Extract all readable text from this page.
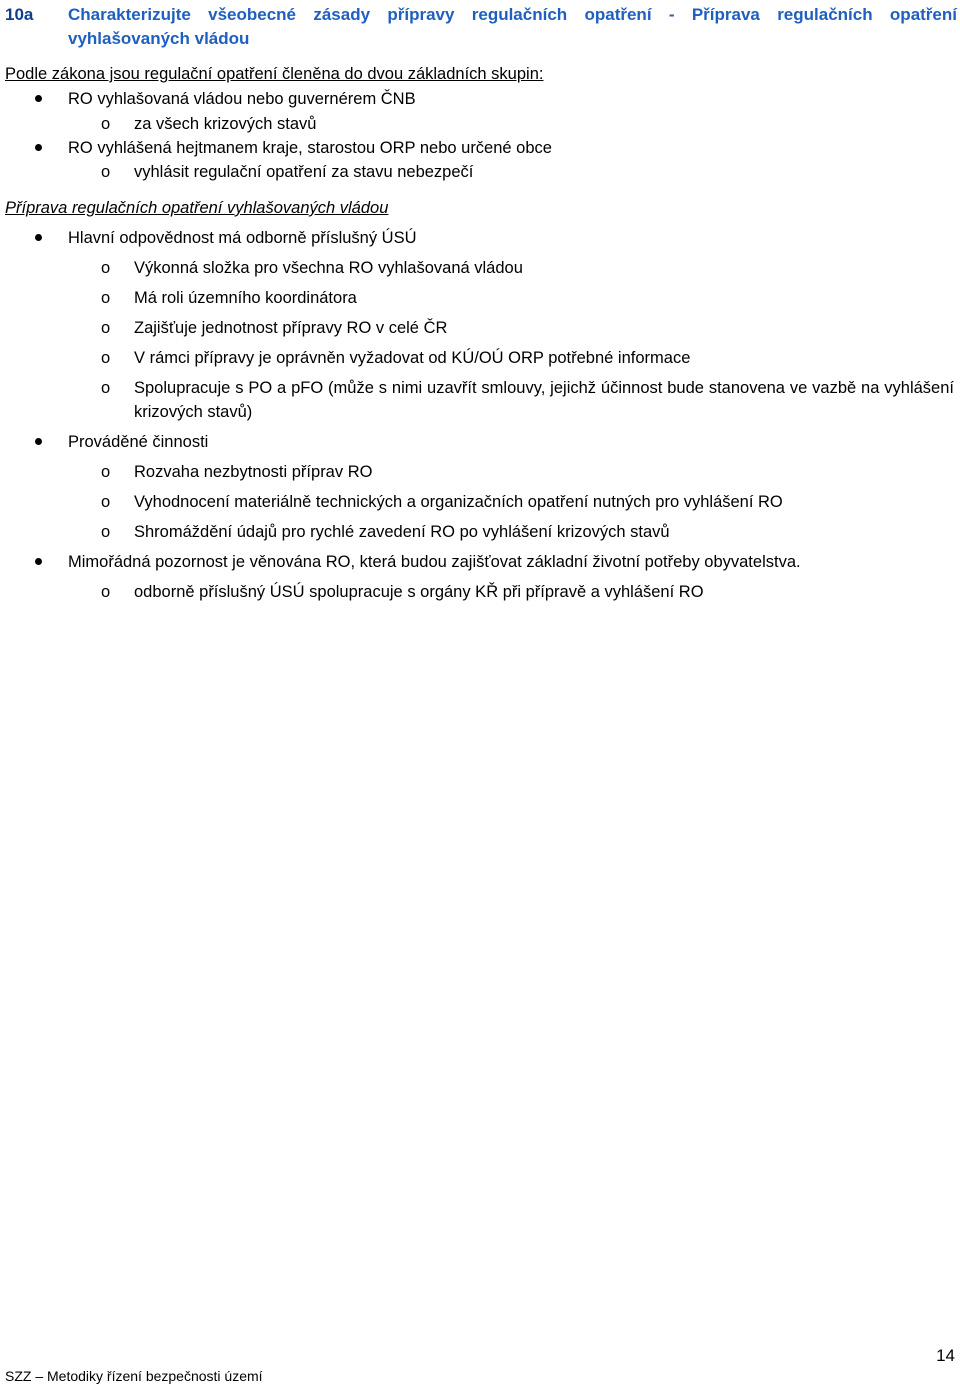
10a Charakterizujte všeobecné zásady přípravy regulačních opatření - Příprava regulačních opatření vyhlašovaných vládou
Podle zákona jsou regulační opatření členěna do dvou základních skupin:
RO vyhlašovaná vládou nebo guvernérem ČNB
o za všech krizových stavů
RO vyhlášená hejtmanem kraje, starostou ORP nebo určené obce
o vyhlásit regulační opatření za stavu nebezpečí
Příprava regulačních opatření vyhlašovaných vládou
Hlavní odpovědnost má odborně příslušný ÚSÚ
o Výkonná složka pro všechna RO vyhlašovaná vládou
o Má roli územního koordinátora
o Zajišťuje jednotnost přípravy RO v celé ČR
o V rámci přípravy je oprávněn vyžadovat od KÚ/OÚ ORP potřebné informace
o Spolupracuje s PO a pFO (může s nimi uzavřít smlouvy, jejichž účinnost bude stanovena ve vazbě na vyhlášení krizových stavů)
Prováděné činnosti
o Rozvaha nezbytnosti příprav RO
o Vyhodnocení materiálně technických a organizačních opatření nutných pro vyhlášení RO
o Shromáždění údajů pro rychlé zavedení RO po vyhlášení krizových stavů
Mimořádná pozornost je věnována RO, která budou zajišťovat základní životní potřeby obyvatelstva.
o odborně příslušný ÚSÚ spolupracuje s orgány KŘ při přípravě a vyhlášení RO
14
SZZ – Metodiky řízení bezpečnosti území
